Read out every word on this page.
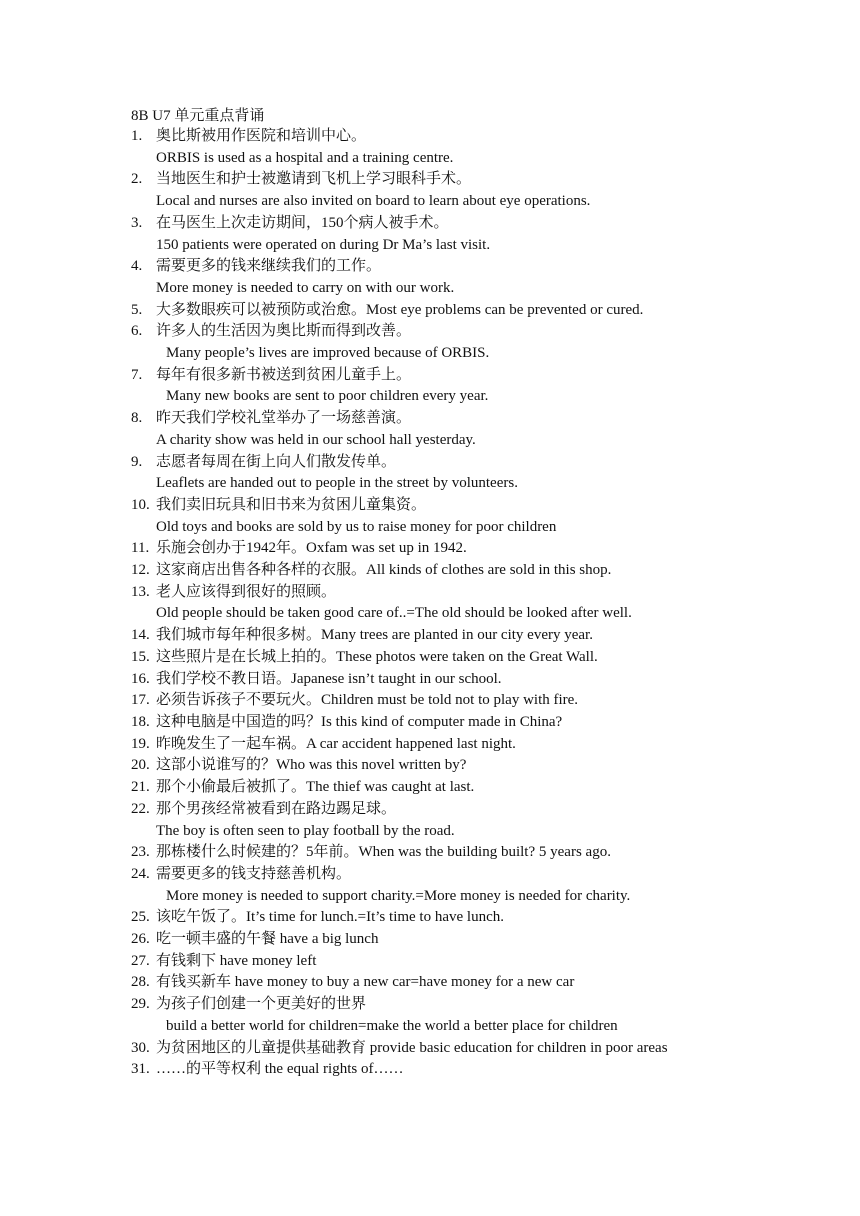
8B U7 单元重点背诵
1. 奥比斯被用作医院和培训中心。
ORBIS is used as a hospital and a training centre.
2. 当地医生和护士被邀请到飞机上学习眼科手术。
Local and nurses are also invited on board to learn about eye operations.
3. 在马医生上次走访期间，150个病人被手术。
150 patients were operated on during Dr Ma’s last visit.
4. 需要更多的钱来继续我们的工作。
More money is needed to carry on with our work.
5. 大多数眼疾可以被预防或治愈。Most eye problems can be prevented or cured.
6. 许多人的生活因为奥比斯而得到改善。
Many people’s lives are improved because of ORBIS.
7. 每年有很多新书被送到贫困儿童手上。
Many new books are sent to poor children every year.
8. 昨天我们学校礼堂举办了一场慈善演。
A charity show was held in our school hall yesterday.
9. 志愿者每周在街上向人们散发传单。
Leaflets are handed out to people in the street by volunteers.
10. 我们卖旧玩具和旧书来为贫困儿童集资。
Old toys and books are sold by us to raise money for poor children
11. 乐施会创办于1942年。Oxfam was set up in 1942.
12. 这家商店出售各种各样的衣服。All kinds of clothes are sold in this shop.
13. 老人应该得到很好的照顾。
Old people should be taken good care of..=The old should be looked after well.
14. 我们城市每年种很多树。Many trees are planted in our city every year.
15. 这些照片是在长城上拍的。These photos were taken on the Great Wall.
16. 我们学校不教日语。Japanese isn’t taught in our school.
17. 必须告诉孩子不要玩火。Children must be told not to play with fire.
18. 这种电脑是中国造的吗？Is this kind of computer made in China?
19. 昨晚发生了一起车祸。A car accident happened last night.
20. 这部小说谁写的？Who was this novel written by?
21. 那个小偷最后被抓了。The thief was caught at last.
22. 那个男孩经常被看到在路边踢足球。
The boy is often seen to play football by the road.
23. 那栋楼什么时候建的？5年前。When was the building built? 5 years ago.
24. 需要更多的钱支持慈善机构。
More money is needed to support charity.=More money is needed for charity.
25. 该吃午饭了。It’s time for lunch.=It’s time to have lunch.
26. 吃一顿丰盛的午餐 have a big lunch
27. 有钱剩下 have money left
28. 有钱买新车 have money to buy a new car=have money for a new car
29. 为孩子们创建一个更美好的世界
build a better world for children=make the world a better place for children
30. 为贫困地区的儿童提供基础教育 provide basic education for children in poor areas
31. ……的平等权利 the equal rights of……
